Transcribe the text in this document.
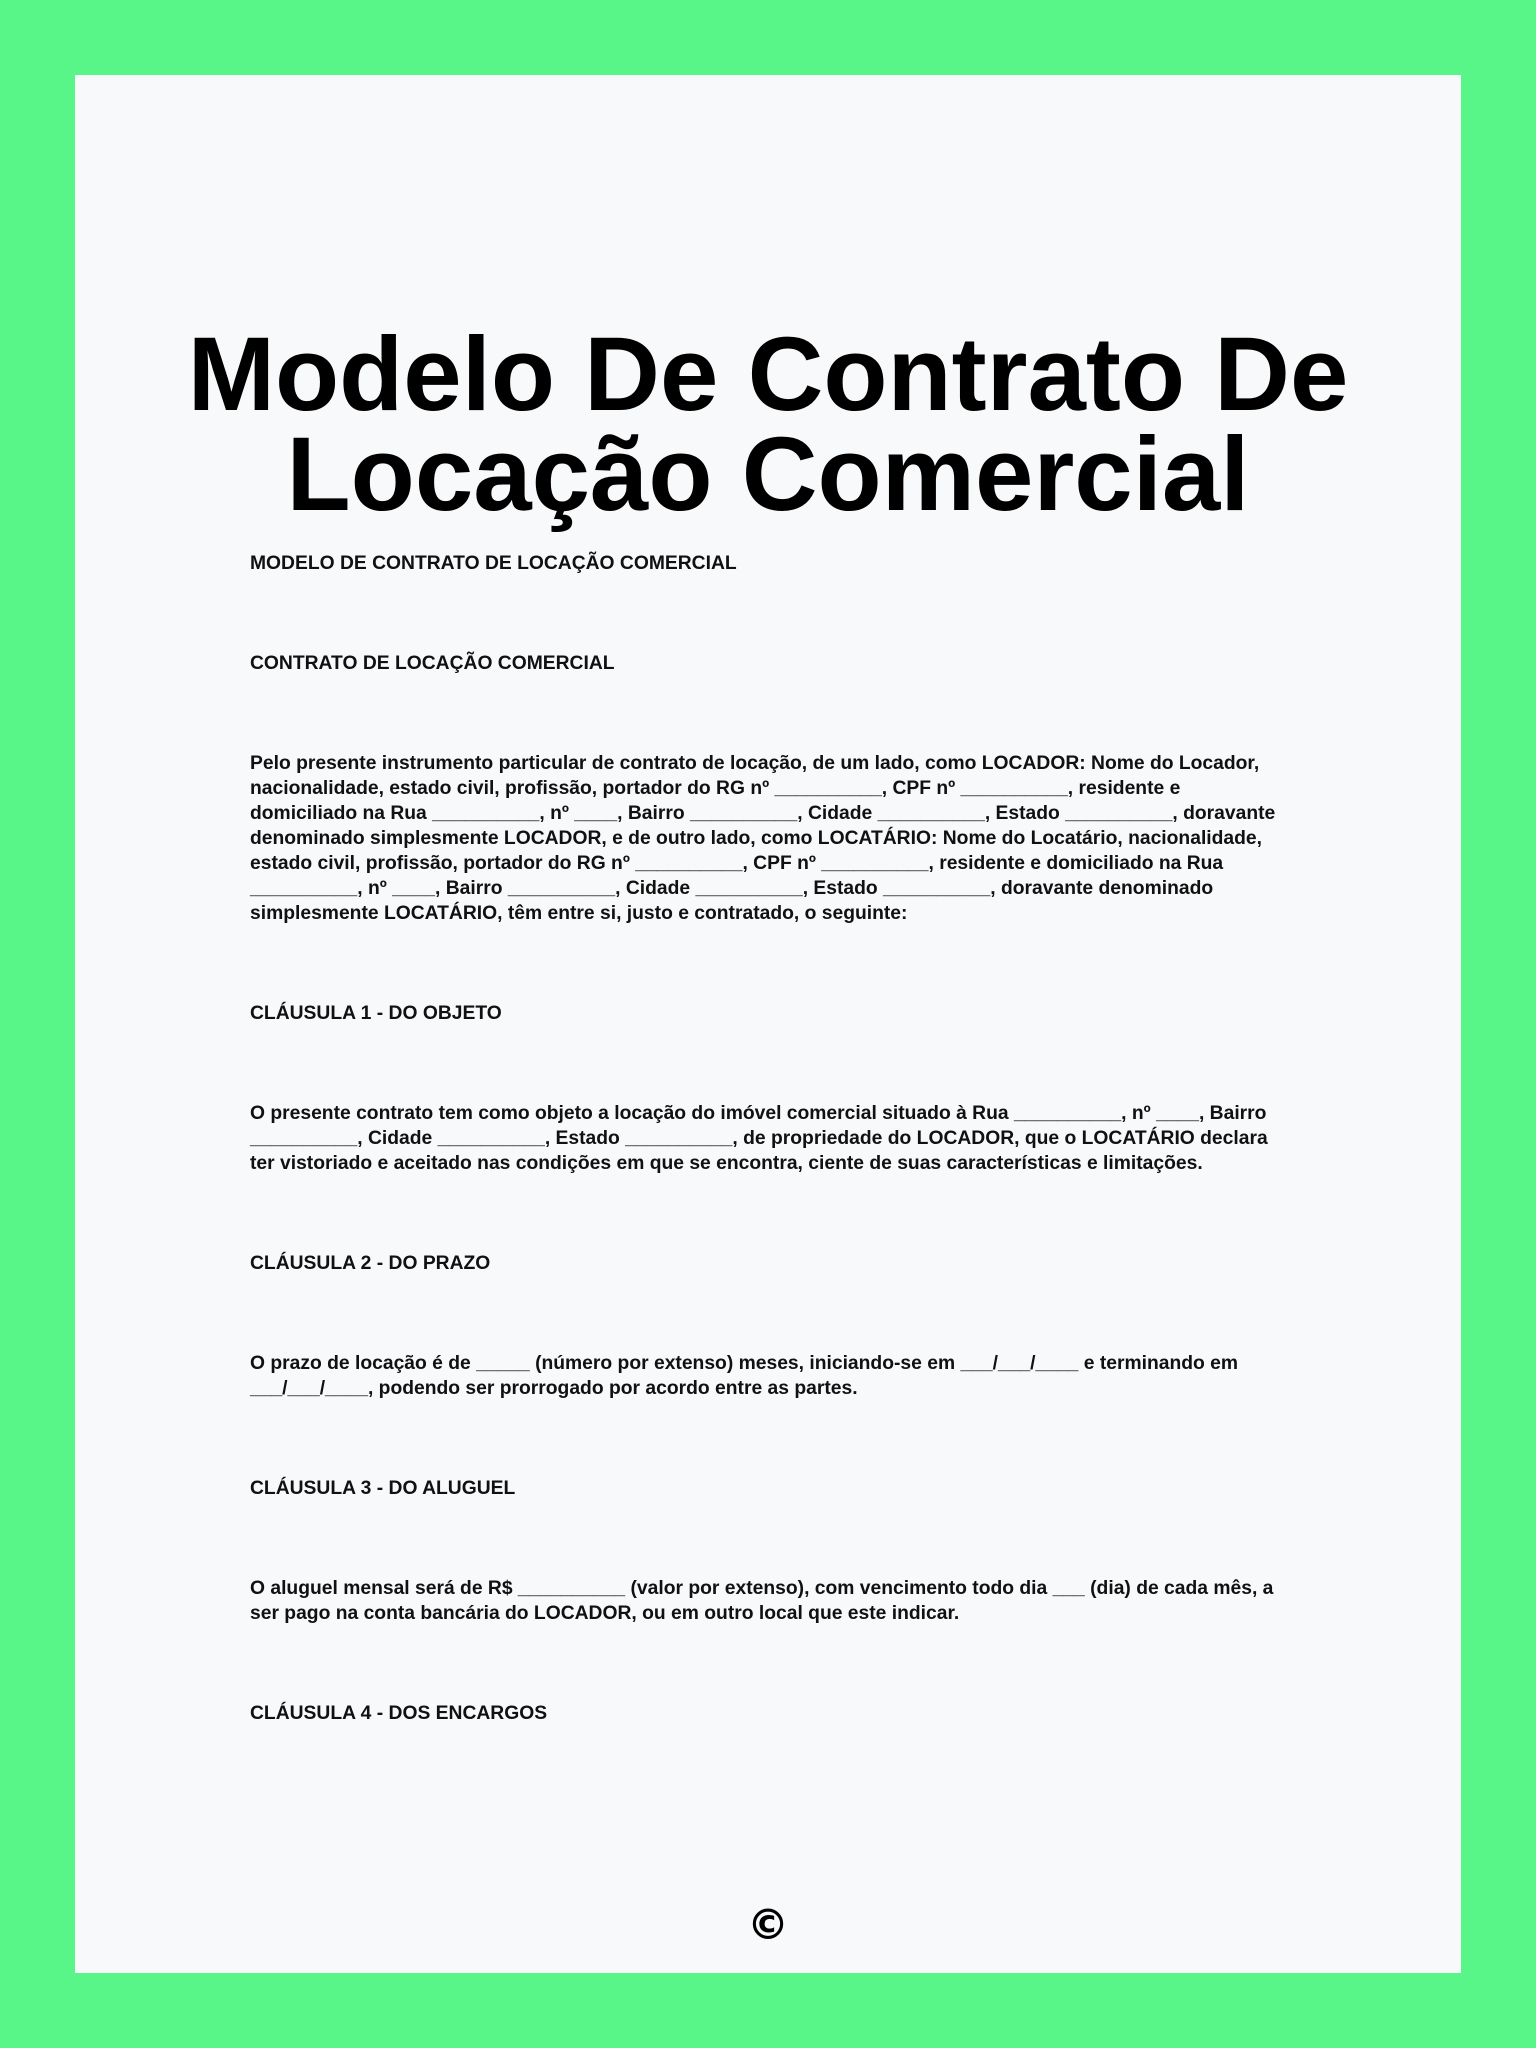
Modelo De Contrato De
Locação Comercial

MODELO DE CONTRATO DE LOCAÇÃO COMERCIAL

CONTRATO DE LOCAÇÃO COMERCIAL

Pelo presente instrumento particular de contrato de locação, de um lado, como LOCADOR: Nome do Locador, nacionalidade, estado civil, profissão, portador do RG nº __________, CPF nº __________, residente e domiciliado na Rua __________, nº ____, Bairro __________, Cidade __________, Estado __________, doravante denominado simplesmente LOCADOR, e de outro lado, como LOCATÁRIO: Nome do Locatário, nacionalidade, estado civil, profissão, portador do RG nº __________, CPF nº __________, residente e domiciliado na Rua __________, nº ____, Bairro __________, Cidade __________, Estado __________, doravante denominado simplesmente LOCATÁRIO, têm entre si, justo e contratado, o seguinte:

CLÁUSULA 1 - DO OBJETO

O presente contrato tem como objeto a locação do imóvel comercial situado à Rua __________, nº ____, Bairro __________, Cidade __________, Estado __________, de propriedade do LOCADOR, que o LOCATÁRIO declara ter vistoriado e aceitado nas condições em que se encontra, ciente de suas características e limitações.

CLÁUSULA 2 - DO PRAZO

O prazo de locação é de _____ (número por extenso) meses, iniciando-se em ___/___/____ e terminando em ___/___/____, podendo ser prorrogado por acordo entre as partes.

CLÁUSULA 3 - DO ALUGUEL

O aluguel mensal será de R$ __________ (valor por extenso), com vencimento todo dia ___ (dia) de cada mês, a ser pago na conta bancária do LOCADOR, ou em outro local que este indicar.

CLÁUSULA 4 - DOS ENCARGOS

©
